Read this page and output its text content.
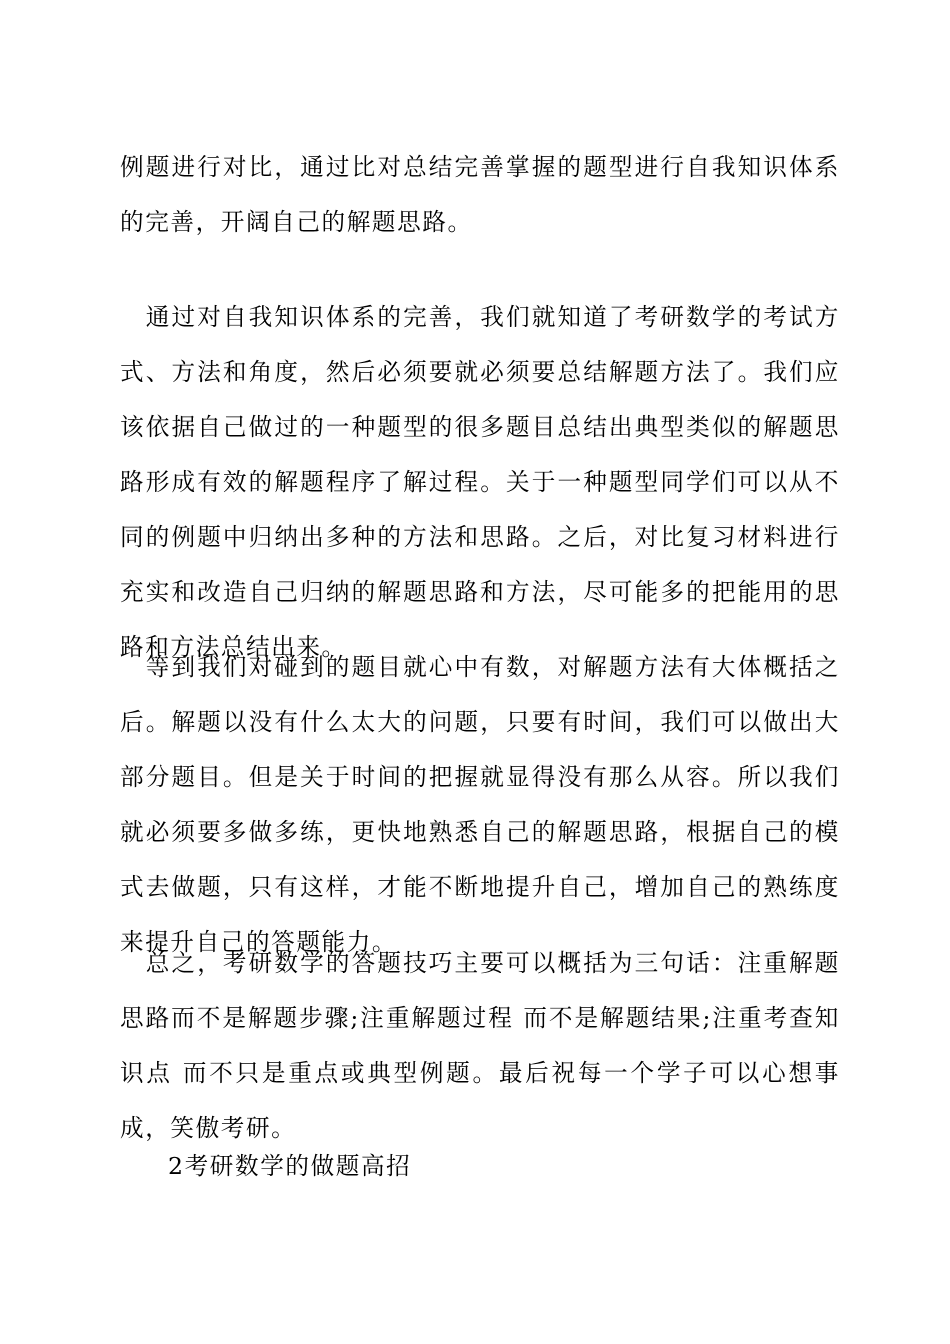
例题进行对比，通过比对总结完善掌握的题型进行自我知识体系的完善，开阔自己的解题思路。

　通过对自我知识体系的完善，我们就知道了考研数学的考试方式、方法和角度，然后必须要就必须要总结解题方法了。我们应该依据自己做过的一种题型的很多题目总结出典型类似的解题思路形成有效的解题程序了解过程。关于一种题型同学们可以从不同的例题中归纳出多种的方法和思路。之后，对比复习材料进行充实和改造自己归纳的解题思路和方法，尽可能多的把能用的思路和方法总结出来。

　等到我们对碰到的题目就心中有数，对解题方法有大体概括之后。解题以没有什么太大的问题，只要有时间，我们可以做出大部分题目。但是关于时间的把握就显得没有那么从容。所以我们就必须要多做多练，更快地熟悉自己的解题思路，根据自己的模式去做题，只有这样，才能不断地提升自己，增加自己的熟练度来提升自己的答题能力。

　总之，考研数学的答题技巧主要可以概括为三句话：注重解题思路而不是解题步骤;注重解题过程 而不是解题结果;注重考查知识点 而不只是重点或典型例题。最后祝每一个学子可以心想事成，笑傲考研。

2考研数学的做题高招
